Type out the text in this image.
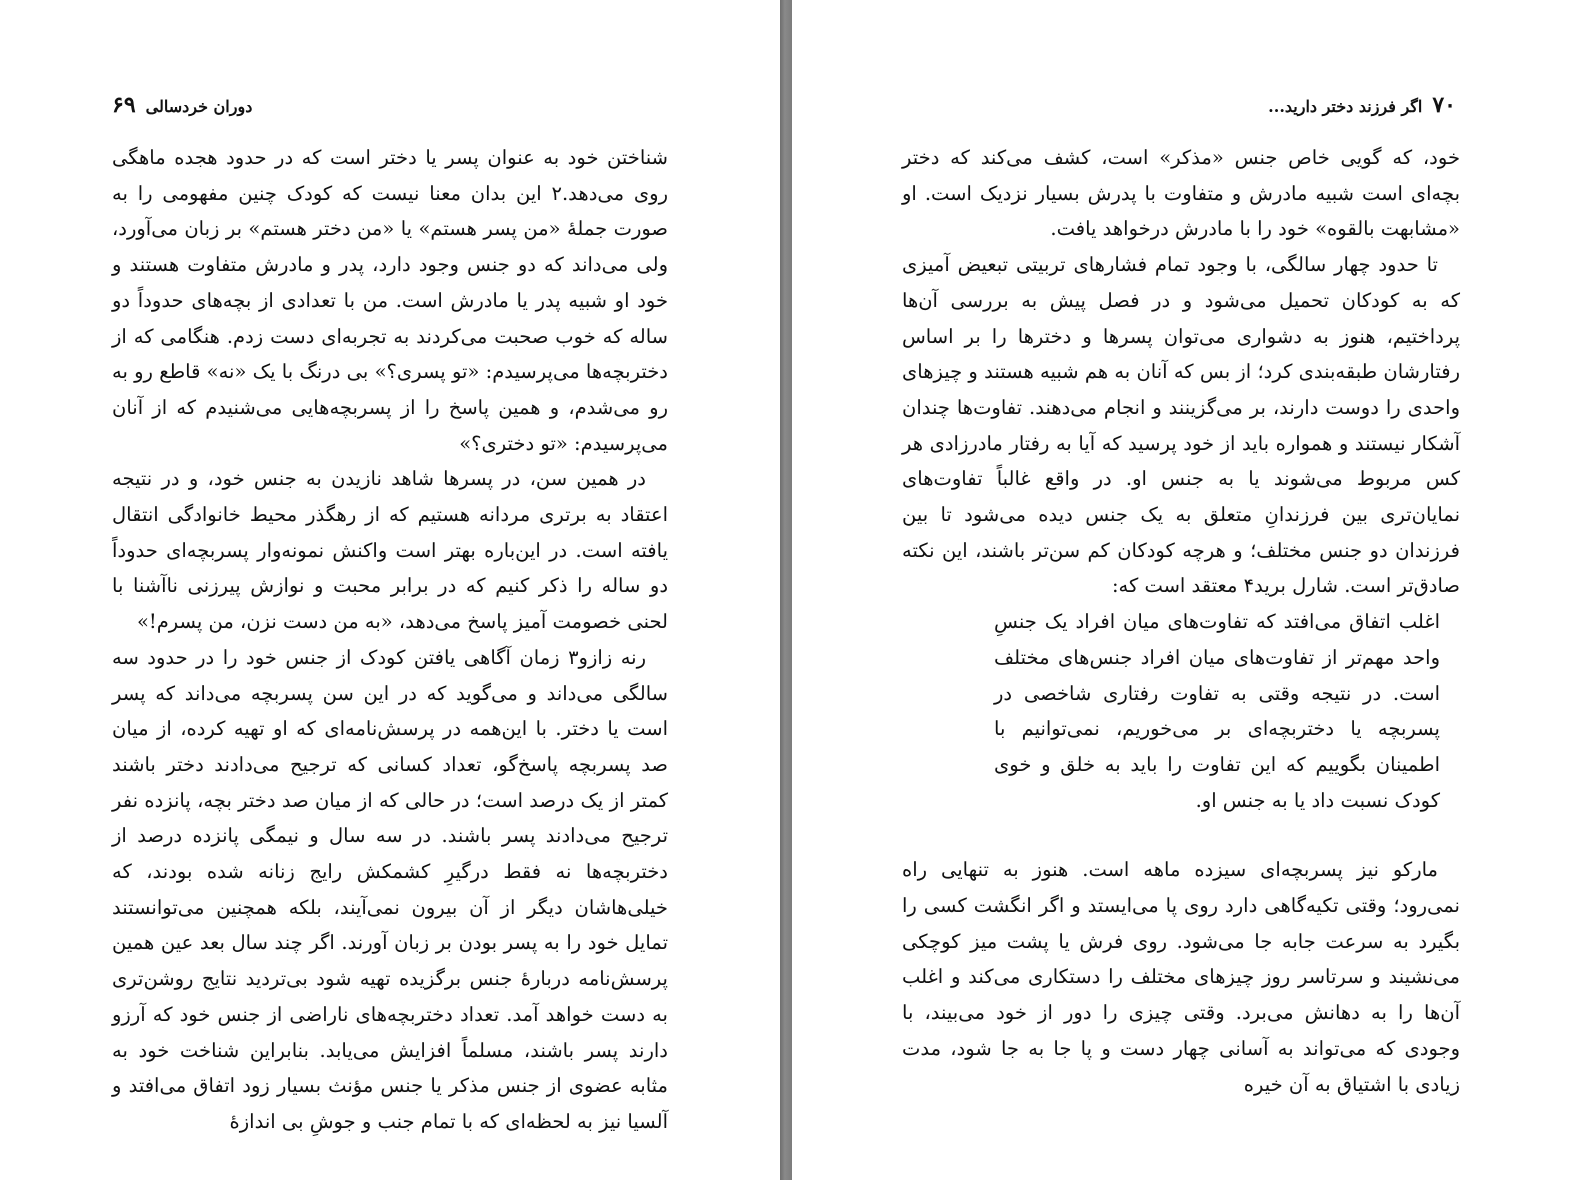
دوران خردسالی
۶۹

شناختن خود به عنوان پسر یا دختر است که در حدود هجده ماهگی روی می‌دهد.۲ این بدان معنا نیست که کودک چنین مفهومی را به صورت جملهٔ «من پسر هستم» یا «من دختر هستم» بر زبان می‌آورد، ولی می‌داند که دو جنس وجود دارد، پدر و مادرش متفاوت هستند و خود او شبیه پدر یا مادرش است. من با تعدادی از بچه‌های حدوداً دو ساله که خوب صحبت می‌کردند به تجربه‌ای دست زدم. هنگامی که از دختربچه‌ها می‌پرسیدم: «تو پسری؟» بی درنگ با یک «نه» قاطع رو به رو می‌شدم، و همین پاسخ را از پسربچه‌هایی می‌شنیدم که از آنان می‌پرسیدم: «تو دختری؟»

در همین سن، در پسرها شاهد نازیدن به جنس خود، و در نتیجه اعتقاد به برتری مردانه هستیم که از رهگذر محیط خانوادگی انتقال یافته است. در این‌باره بهتر است واکنش نمونه‌وار پسربچه‌ای حدوداً دو ساله را ذکر کنیم که در برابر محبت و نوازش پیرزنی ناآشنا با لحنی خصومت آمیز پاسخ می‌دهد، «به من دست نزن، من پسرم!»

رنه زازو۳ زمان آگاهی یافتن کودک از جنس خود را در حدود سه سالگی می‌داند و می‌گوید که در این سن پسربچه می‌داند که پسر است یا دختر. با این‌همه در پرسش‌نامه‌ای که او تهیه کرده، از میان صد پسربچه پاسخ‌گو، تعداد کسانی که ترجیح می‌دادند دختر باشند کمتر از یک درصد است؛ در حالی که از میان صد دختر بچه، پانزده نفر ترجیح می‌دادند پسر باشند. در سه سال و نیمگی پانزده درصد از دختربچه‌ها نه فقط درگیرِ کشمکش رایج زنانه شده بودند، که خیلی‌هاشان دیگر از آن بیرون نمی‌آیند، بلکه همچنین می‌توانستند تمایل خود را به پسر بودن بر زبان آورند. اگر چند سال بعد عین همین پرسش‌نامه دربارهٔ جنس برگزیده تهیه شود بی‌تردید نتایج روشن‌تری به دست خواهد آمد. تعداد دختربچه‌های ناراضی از جنس خود که آرزو دارند پسر باشند، مسلماً افزایش می‌یابد. بنابراین شناخت خود به مثابه عضوی از جنس مذکر یا جنس مؤنث بسیار زود اتفاق می‌افتد و آلسیا نیز به لحظه‌ای که با تمام جنب و جوشِ بی اندازهٔ

۷۰
اگر فرزند دختر دارید...

خود، که گویی خاص جنس «مذکر» است، کشف می‌کند که دختر بچه‌ای است شبیه مادرش و متفاوت با پدرش بسیار نزدیک است. او «مشابهت بالقوه» خود را با مادرش درخواهد یافت.

تا حدود چهار سالگی، با وجود تمام فشارهای تربیتی تبعیض آمیزی که به کودکان تحمیل می‌شود و در فصل پیش به بررسی آن‌ها پرداختیم، هنوز به دشواری می‌توان پسرها و دخترها را بر اساس رفتارشان طبقه‌بندی کرد؛ از بس که آنان به هم شبیه هستند و چیزهای واحدی را دوست دارند، بر می‌گزینند و انجام می‌دهند. تفاوت‌ها چندان آشکار نیستند و همواره باید از خود پرسید که آیا به رفتار مادرزادی هر کس مربوط می‌شوند یا به جنس او. در واقع غالباً تفاوت‌های نمایان‌تری بین فرزندانِ متعلق به یک جنس دیده می‌شود تا بین فرزندان دو جنس مختلف؛ و هرچه کودکان کم سن‌تر باشند، این نکته صادق‌تر است. شارل برید۴ معتقد است که:

اغلب اتفاق می‌افتد که تفاوت‌های میان افراد یک جنسِ واحد مهم‌تر از تفاوت‌های میان افراد جنس‌های مختلف است. در نتیجه وقتی به تفاوت رفتاری شاخصی در پسربچه یا دختربچه‌ای بر می‌خوریم، نمی‌توانیم با اطمینان بگوییم که این تفاوت را باید به خلق و خوی کودک نسبت داد یا به جنس او.

مارکو نیز پسربچه‌ای سیزده ماهه است. هنوز به تنهایی راه نمی‌رود؛ وقتی تکیه‌گاهی دارد روی پا می‌ایستد و اگر انگشت کسی را بگیرد به سرعت جابه جا می‌شود. روی فرش یا پشت میز کوچکی می‌نشیند و سرتاسر روز چیزهای مختلف را دستکاری می‌کند و اغلب آن‌ها را به دهانش می‌برد. وقتی چیزی را دور از خود می‌بیند، با وجودی که می‌تواند به آسانی چهار دست و پا جا به جا شود، مدت زیادی با اشتیاق به آن خیره
